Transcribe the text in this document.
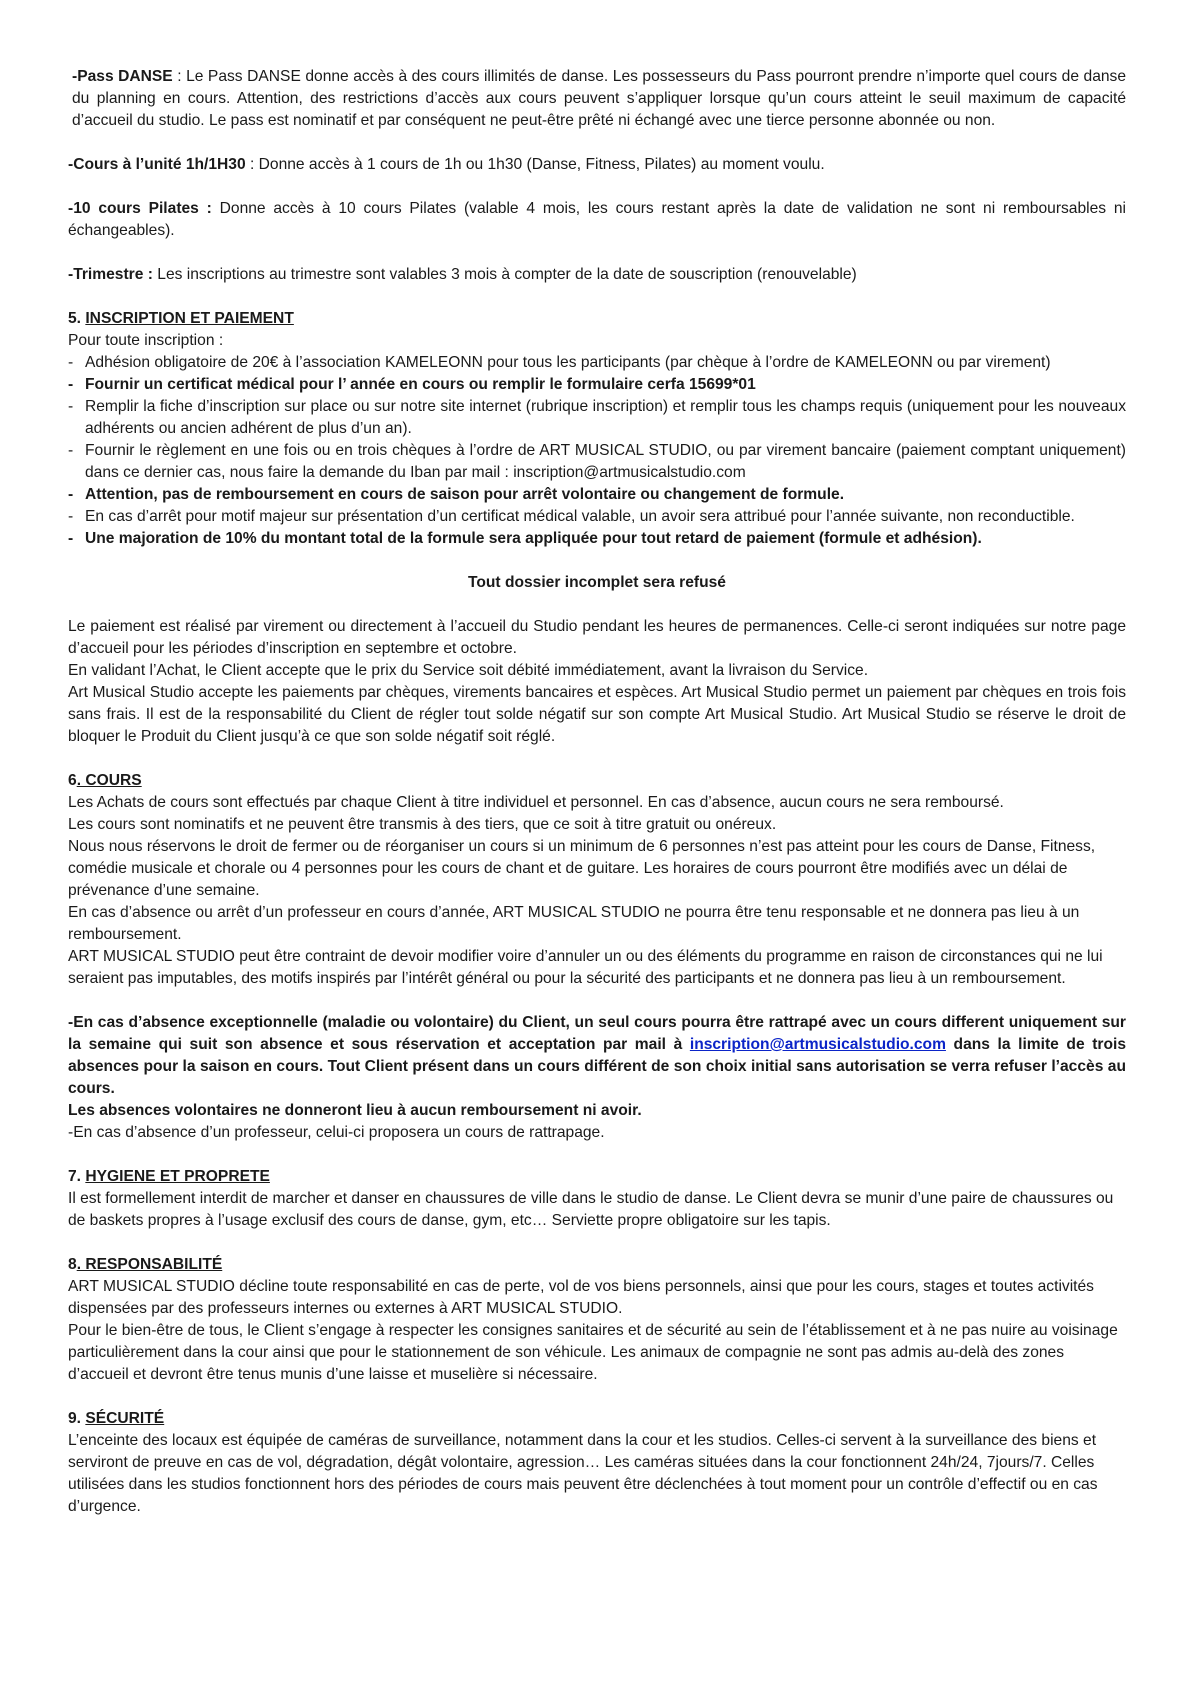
-Pass DANSE : Le Pass DANSE donne accès à des cours illimités de danse. Les possesseurs du Pass pourront prendre n’importe quel cours de danse du planning en cours. Attention, des restrictions d’accès aux cours peuvent s’appliquer lorsque qu’un cours atteint le seuil maximum de capacité d’accueil du studio. Le pass est nominatif et par conséquent ne peut-être prêté ni échangé avec une tierce personne abonnée ou non.

-Cours à l’unité 1h/1H30 : Donne accès à 1 cours de 1h ou 1h30 (Danse, Fitness, Pilates) au moment voulu.

-10 cours Pilates : Donne accès à 10 cours Pilates (valable 4 mois, les cours restant après la date de validation ne sont ni remboursables ni échangeables).

-Trimestre : Les inscriptions au trimestre sont valables 3 mois à compter de la date de souscription (renouvelable)

5. INSCRIPTION ET PAIEMENT

Pour toute inscription :

- Adhésion obligatoire de 20€ à l’association KAMELEONN pour tous les participants (par chèque à l’ordre de KAMELEONN ou par virement)
- Fournir un certificat médical pour l’ année en cours ou remplir le formulaire cerfa 15699*01
- Remplir la fiche d’inscription sur place ou sur notre site internet (rubrique inscription) et remplir tous les champs requis (uniquement pour les nouveaux adhérents ou ancien adhérent de plus d’un an).
- Fournir le règlement en une fois ou en trois chèques à l’ordre de ART MUSICAL STUDIO, ou par virement bancaire (paiement comptant uniquement) dans ce dernier cas, nous faire la demande du Iban par mail : inscription@artmusicalstudio.com
- Attention, pas de remboursement en cours de saison pour arrêt volontaire ou changement de formule.
- En cas d’arrêt pour motif majeur sur présentation d’un certificat médical valable, un avoir sera attribué pour l’année suivante, non reconductible.
- Une majoration de 10% du montant total de la formule sera appliquée pour tout retard de paiement (formule et adhésion).

Tout dossier incomplet sera refusé

Le paiement est réalisé par virement ou directement à l’accueil du Studio pendant les heures de permanences. Celle-ci seront indiquées sur notre page d’accueil pour les périodes d’inscription en septembre et octobre.

En validant l’Achat, le Client accepte que le prix du Service soit débité immédiatement, avant la livraison du Service.

Art Musical Studio accepte les paiements par chèques, virements bancaires et espèces. Art Musical Studio permet un paiement par chèques en trois fois sans frais. Il est de la responsabilité du Client de régler tout solde négatif sur son compte Art Musical Studio. Art Musical Studio se réserve le droit de bloquer le Produit du Client jusqu’à ce que son solde négatif soit réglé.

6. COURS

Les Achats de cours sont effectués par chaque Client à titre individuel et personnel. En cas d’absence, aucun cours ne sera remboursé.

Les cours sont nominatifs et ne peuvent être transmis à des tiers, que ce soit à titre gratuit ou onéreux.

Nous nous réservons le droit de fermer ou de réorganiser un cours si un minimum de 6 personnes n’est pas atteint pour les cours de Danse, Fitness, comédie musicale et chorale ou 4 personnes pour les cours de chant et de guitare. Les horaires de cours pourront être modifiés avec un délai de prévenance d’une semaine.

En cas d’absence ou arrêt d’un professeur en cours d’année, ART MUSICAL STUDIO ne pourra être tenu responsable et ne donnera pas lieu à un remboursement.

ART MUSICAL STUDIO peut être contraint de devoir modifier voire d’annuler un ou des éléments du programme en raison de circonstances qui ne lui seraient pas imputables, des motifs inspirés par l’intérêt général ou pour la sécurité des participants et ne donnera pas lieu à un remboursement.

-En cas d’absence exceptionnelle (maladie ou volontaire) du Client, un seul cours pourra être rattrapé avec un cours different uniquement sur la semaine qui suit son absence et sous réservation et acceptation par mail à inscription@artmusicalstudio.com dans la limite de trois absences pour la saison en cours. Tout Client présent dans un cours différent de son choix initial sans autorisation se verra refuser l’accès au cours.

Les absences volontaires ne donneront lieu à aucun remboursement ni avoir.

-En cas d’absence d’un professeur, celui-ci proposera un cours de rattrapage.

7. HYGIENE ET PROPRETE

Il est formellement interdit de marcher et danser en chaussures de ville dans le studio de danse. Le Client devra se munir d’une paire de chaussures ou de baskets propres à l’usage exclusif des cours de danse, gym, etc… Serviette propre obligatoire sur les tapis.

8. RESPONSABILITÉ

ART MUSICAL STUDIO décline toute responsabilité en cas de perte, vol de vos biens personnels, ainsi que pour les cours, stages et toutes activités dispensées par des professeurs internes ou externes à ART MUSICAL STUDIO.

Pour le bien-être de tous, le Client s’engage à respecter les consignes sanitaires et de sécurité au sein de l’établissement et à ne pas nuire au voisinage particulièrement dans la cour ainsi que pour le stationnement de son véhicule. Les animaux de compagnie ne sont pas admis au-delà des zones d’accueil et devront être tenus munis d’une laisse et muselière si nécessaire.

9. SÉCURITÉ

L’enceinte des locaux est équipée de caméras de surveillance, notamment dans la cour et les studios. Celles-ci servent à la surveillance des biens et serviront de preuve en cas de vol, dégradation, dégât volontaire, agression… Les caméras situées dans la cour fonctionnent 24h/24, 7jours/7. Celles utilisées dans les studios fonctionnent hors des périodes de cours mais peuvent être déclenchées à tout moment pour un contrôle d’effectif ou en cas d’urgence.
